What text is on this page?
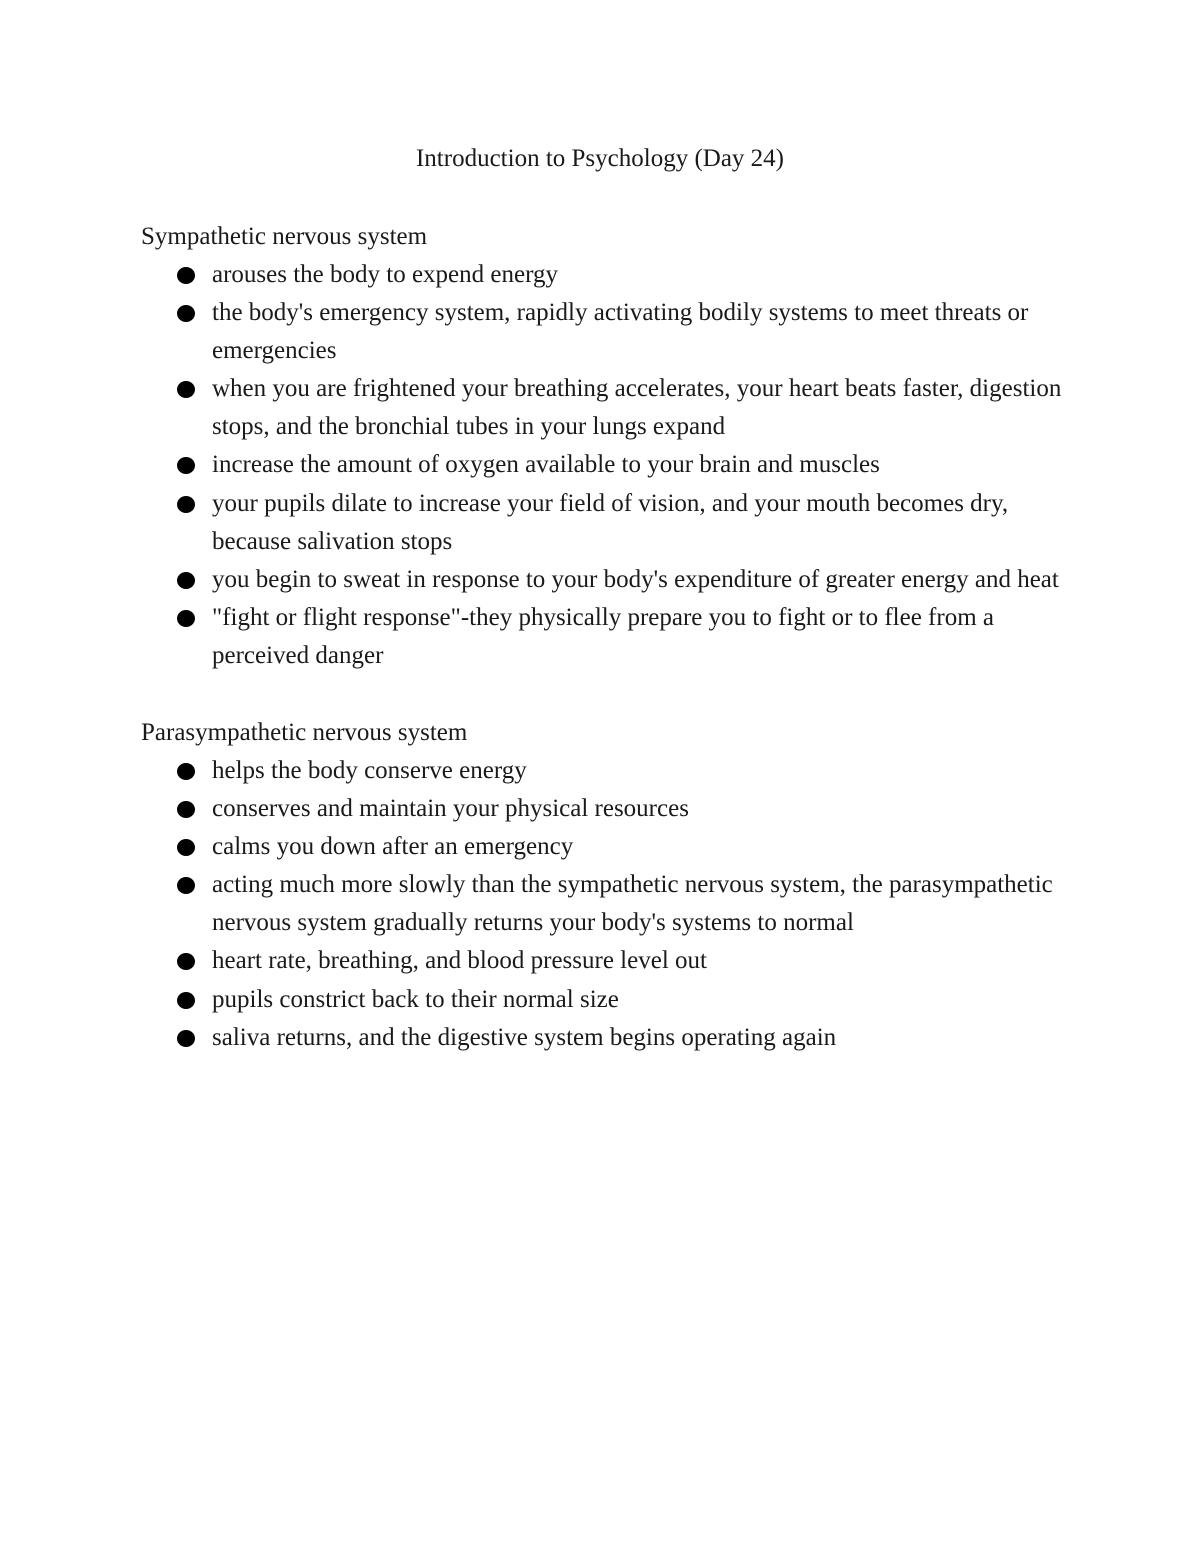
Introduction to Psychology (Day 24)
Sympathetic nervous system
arouses the body to expend energy
the body's emergency system, rapidly activating bodily systems to meet threats or emergencies
when you are frightened your breathing accelerates, your heart beats faster, digestion stops, and the bronchial tubes in your lungs expand
increase the amount of oxygen available to your brain and muscles
your pupils dilate to increase your field of vision, and your mouth becomes dry, because salivation stops
you begin to sweat in response to your body's expenditure of greater energy and heat
"fight or flight response"-they physically prepare you to fight or to flee from a perceived danger
Parasympathetic nervous system
helps the body conserve energy
conserves and maintain your physical resources
calms you down after an emergency
acting much more slowly than the sympathetic nervous system, the parasympathetic nervous system gradually returns your body's systems to normal
heart rate, breathing, and blood pressure level out
pupils constrict back to their normal size
saliva returns, and the digestive system begins operating again
